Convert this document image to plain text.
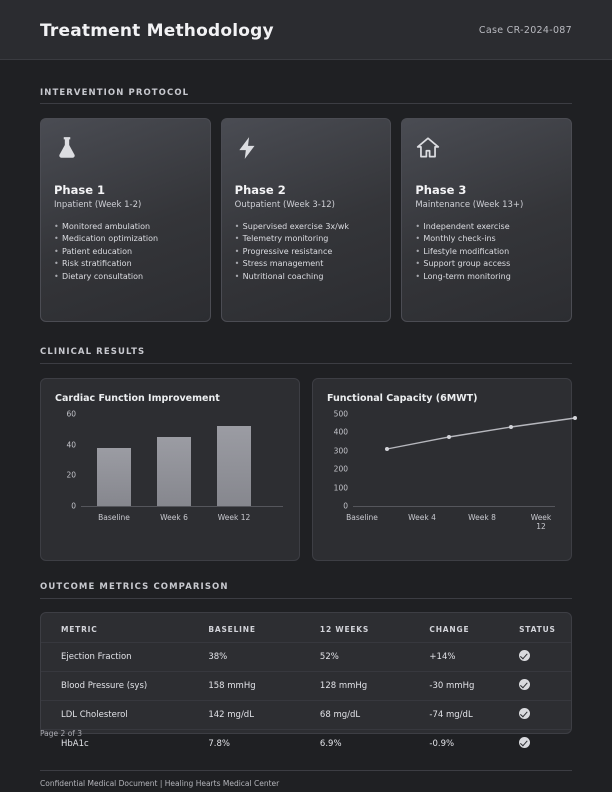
Treatment Methodology	Case CR-2024-087
INTERVENTION PROTOCOL
Phase 1
Inpatient (Week 1-2)
• Monitored ambulation
• Medication optimization
• Patient education
• Risk stratification
• Dietary consultation
Phase 2
Outpatient (Week 3-12)
• Supervised exercise 3x/wk
• Telemetry monitoring
• Progressive resistance
• Stress management
• Nutritional coaching
Phase 3
Maintenance (Week 13+)
• Independent exercise
• Monthly check-ins
• Lifestyle modification
• Support group access
• Long-term monitoring
CLINICAL RESULTS
Cardiac Function Improvement
60
40
20
0
Baseline	Week 6	Week 12
Functional Capacity (6MWT)
500
400
300
200
100
0
Baseline	Week 4	Week 8	Week 12
OUTCOME METRICS COMPARISON
METRIC	BASELINE	12 WEEKS	CHANGE	STATUS
Ejection Fraction	38%	52%	+14%	
Blood Pressure (sys)	158 mmHg	128 mmHg	-30 mmHg	
LDL Cholesterol	142 mg/dL	68 mg/dL	-74 mg/dL	
HbA1c	7.8%	6.9%	-0.9%	
Page 2 of 3
Confidential Medical Document | Healing Hearts Medical Center
